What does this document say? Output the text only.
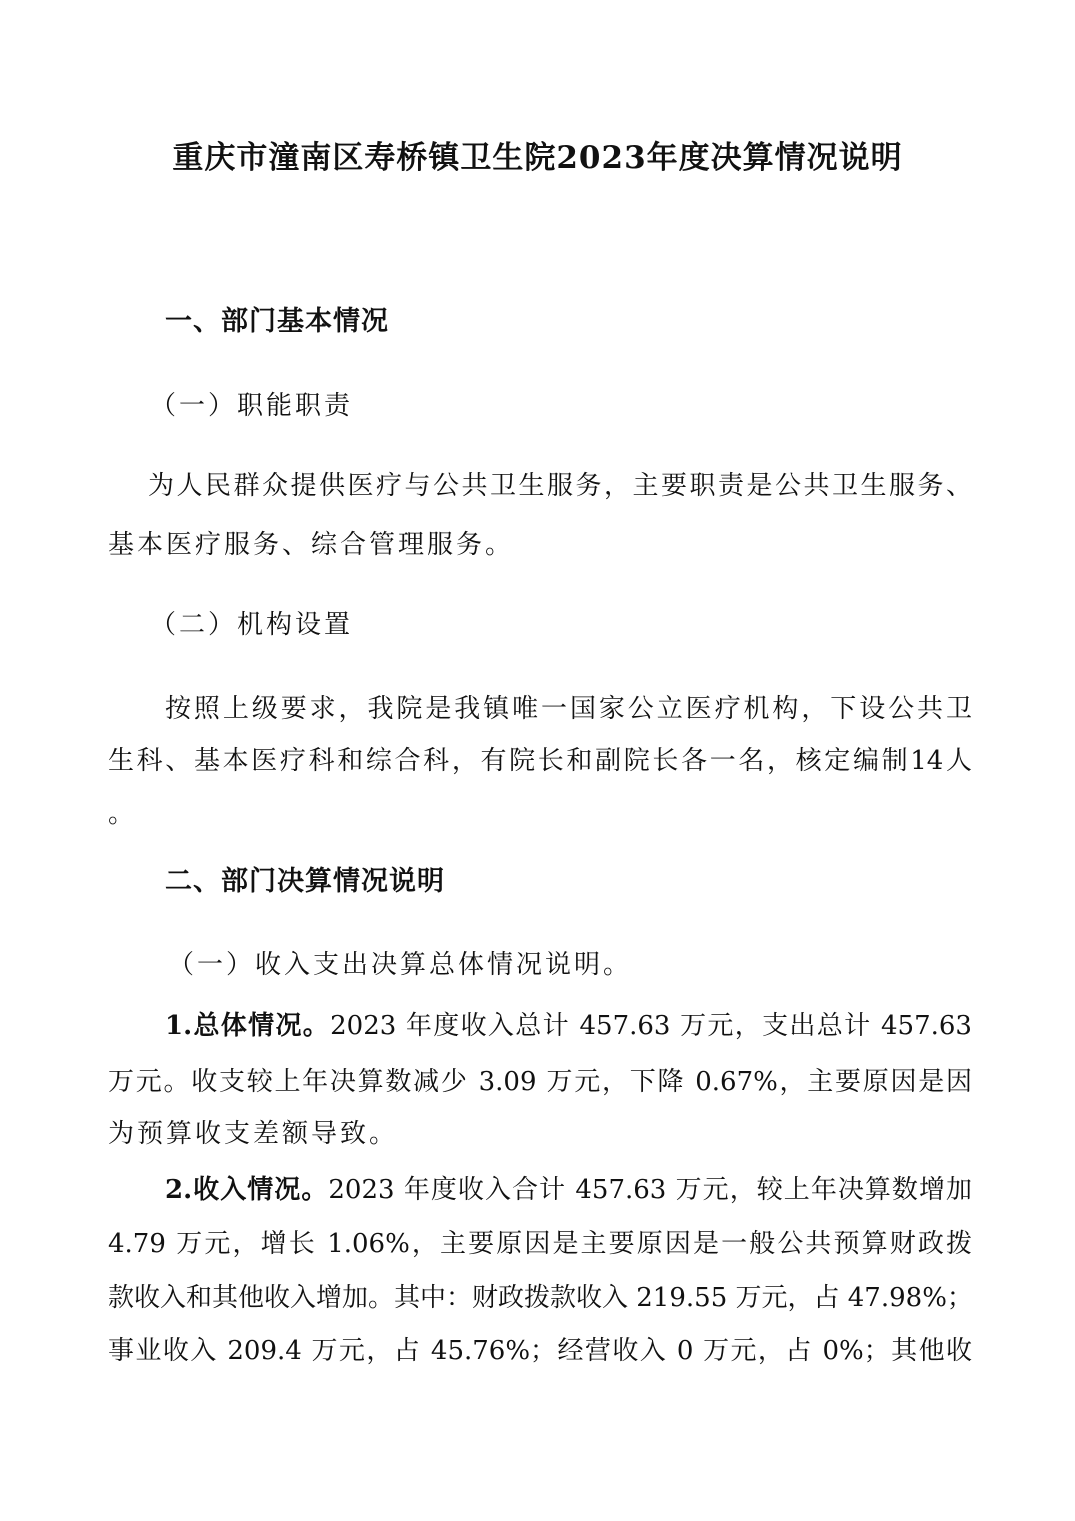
重庆市潼南区寿桥镇卫生院2023年度决算情况说明
一、部门基本情况
（一）职能职责
为人民群众提供医疗与公共卫生服务，主要职责是公共卫生服务、
基本医疗服务、综合管理服务。
（二）机构设置
按照上级要求，我院是我镇唯一国家公立医疗机构，下设公共卫
生科、基本医疗科和综合科，有院长和副院长各一名，核定编制14人
。
二、部门决算情况说明
（一）收入支出决算总体情况说明。
1.总体情况。2023 年度收入总计 457.63 万元，支出总计 457.63
万元。收支较上年决算数减少 3.09 万元，下降 0.67%，主要原因是因
为预算收支差额导致。
2.收入情况。2023 年度收入合计 457.63 万元，较上年决算数增加
4.79 万元，增长 1.06%，主要原因是主要原因是一般公共预算财政拨
款收入和其他收入增加。其中：财政拨款收入 219.55 万元，占 47.98%；
事业收入 209.4 万元，占 45.76%；经营收入 0 万元，占 0%；其他收
